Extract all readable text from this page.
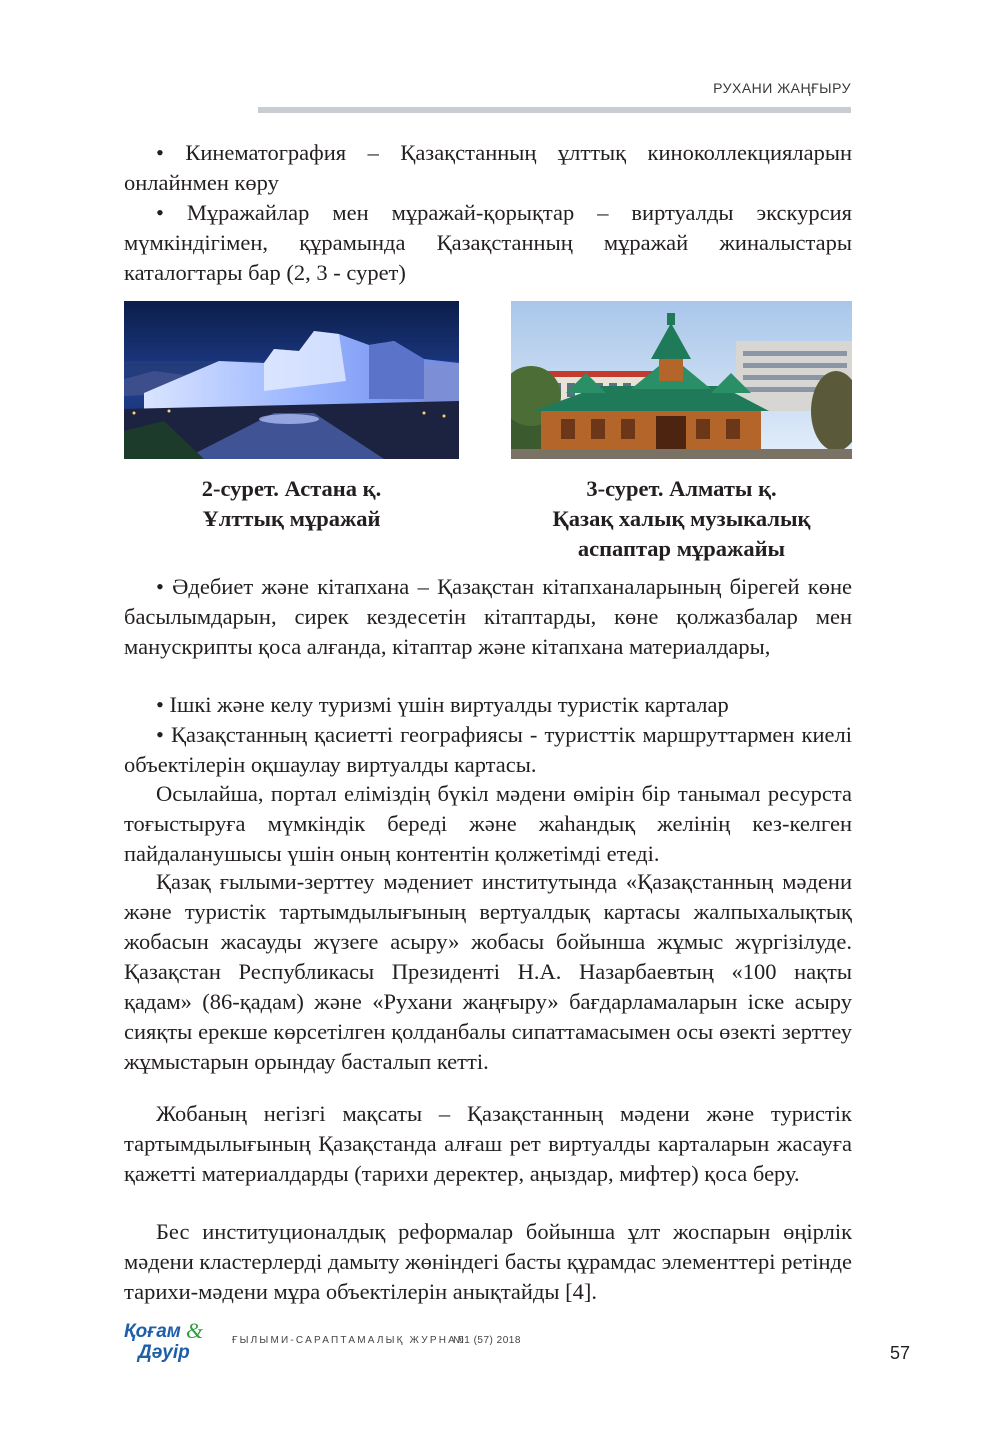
РУХАНИ ЖАҢҒЫРУ

• Кинематография – Қазақстанның ұлттық киноколлекцияларын онлайнмен көру

• Мұражайлар мен мұражай-қорықтар – виртуалды экскурсия мүмкіндігімен, құрамында Қазақстанның мұражай жиналыстары каталогтары бар (2, 3 - сурет)

2-сурет. Астана қ.
Ұлттық мұражай
3-сурет. Алматы қ.
Қазақ халық музыкалық
аспаптар мұражайы

• Әдебиет және кітапхана – Қазақстан кітапханаларының бірегей көне басылымдарын, сирек кездесетін кітаптарды, көне қолжазбалар мен манускрипты қоса алғанда, кітаптар және кітапхана материалдары,

• Ішкі және келу туризмі үшін виртуалды туристік карталар

• Қазақстанның қасиетті географиясы - туристтік маршруттармен киелі объектілерін оқшаулау виртуалды картасы.

Осылайша, портал еліміздің бүкіл мәдени өмірін бір танымал ресурста тоғыстыруға мүмкіндік береді және жаһандық желінің кез-келген пайдаланушысы үшін оның контентін қолжетімді етеді.

Қазақ ғылыми-зерттеу мәдениет институтында «Қазақстанның мәдени және туристік тартымдылығының вертуалдық картасы жалпыхалықтық жобасын жасауды жүзеге асыру» жобасы бойынша жұмыс жүргізілуде. Қазақстан Республикасы Президенті Н.А. Назарбаевтың «100 нақты қадам» (86-қадам) және «Рухани жаңғыру» бағдарламаларын іске асыру сияқты ерекше көрсетілген қолданбалы сипаттамасымен осы өзекті зерттеу жұмыстарын орындау басталып кетті.

Жобаның негізгі мақсаты – Қазақстанның мәдени және туристік тартымдылығының Қазақстанда алғаш рет виртуалды карталарын жасауға қажетті материалдарды (тарихи деректер, аңыздар, мифтер) қоса беру.

Бес институционалдық реформалар бойынша ұлт жоспарын өңірлік мәдени кластерлерді дамыту жөніндегі басты құрамдас элементтері ретінде тарихи-мәдени мұра объектілерін анықтайды [4].

Қоғам &
Дәуір
ҒЫЛЫМИ-САРАПТАМАЛЫҚ ЖУРНАЛ
№1 (57) 2018
57
